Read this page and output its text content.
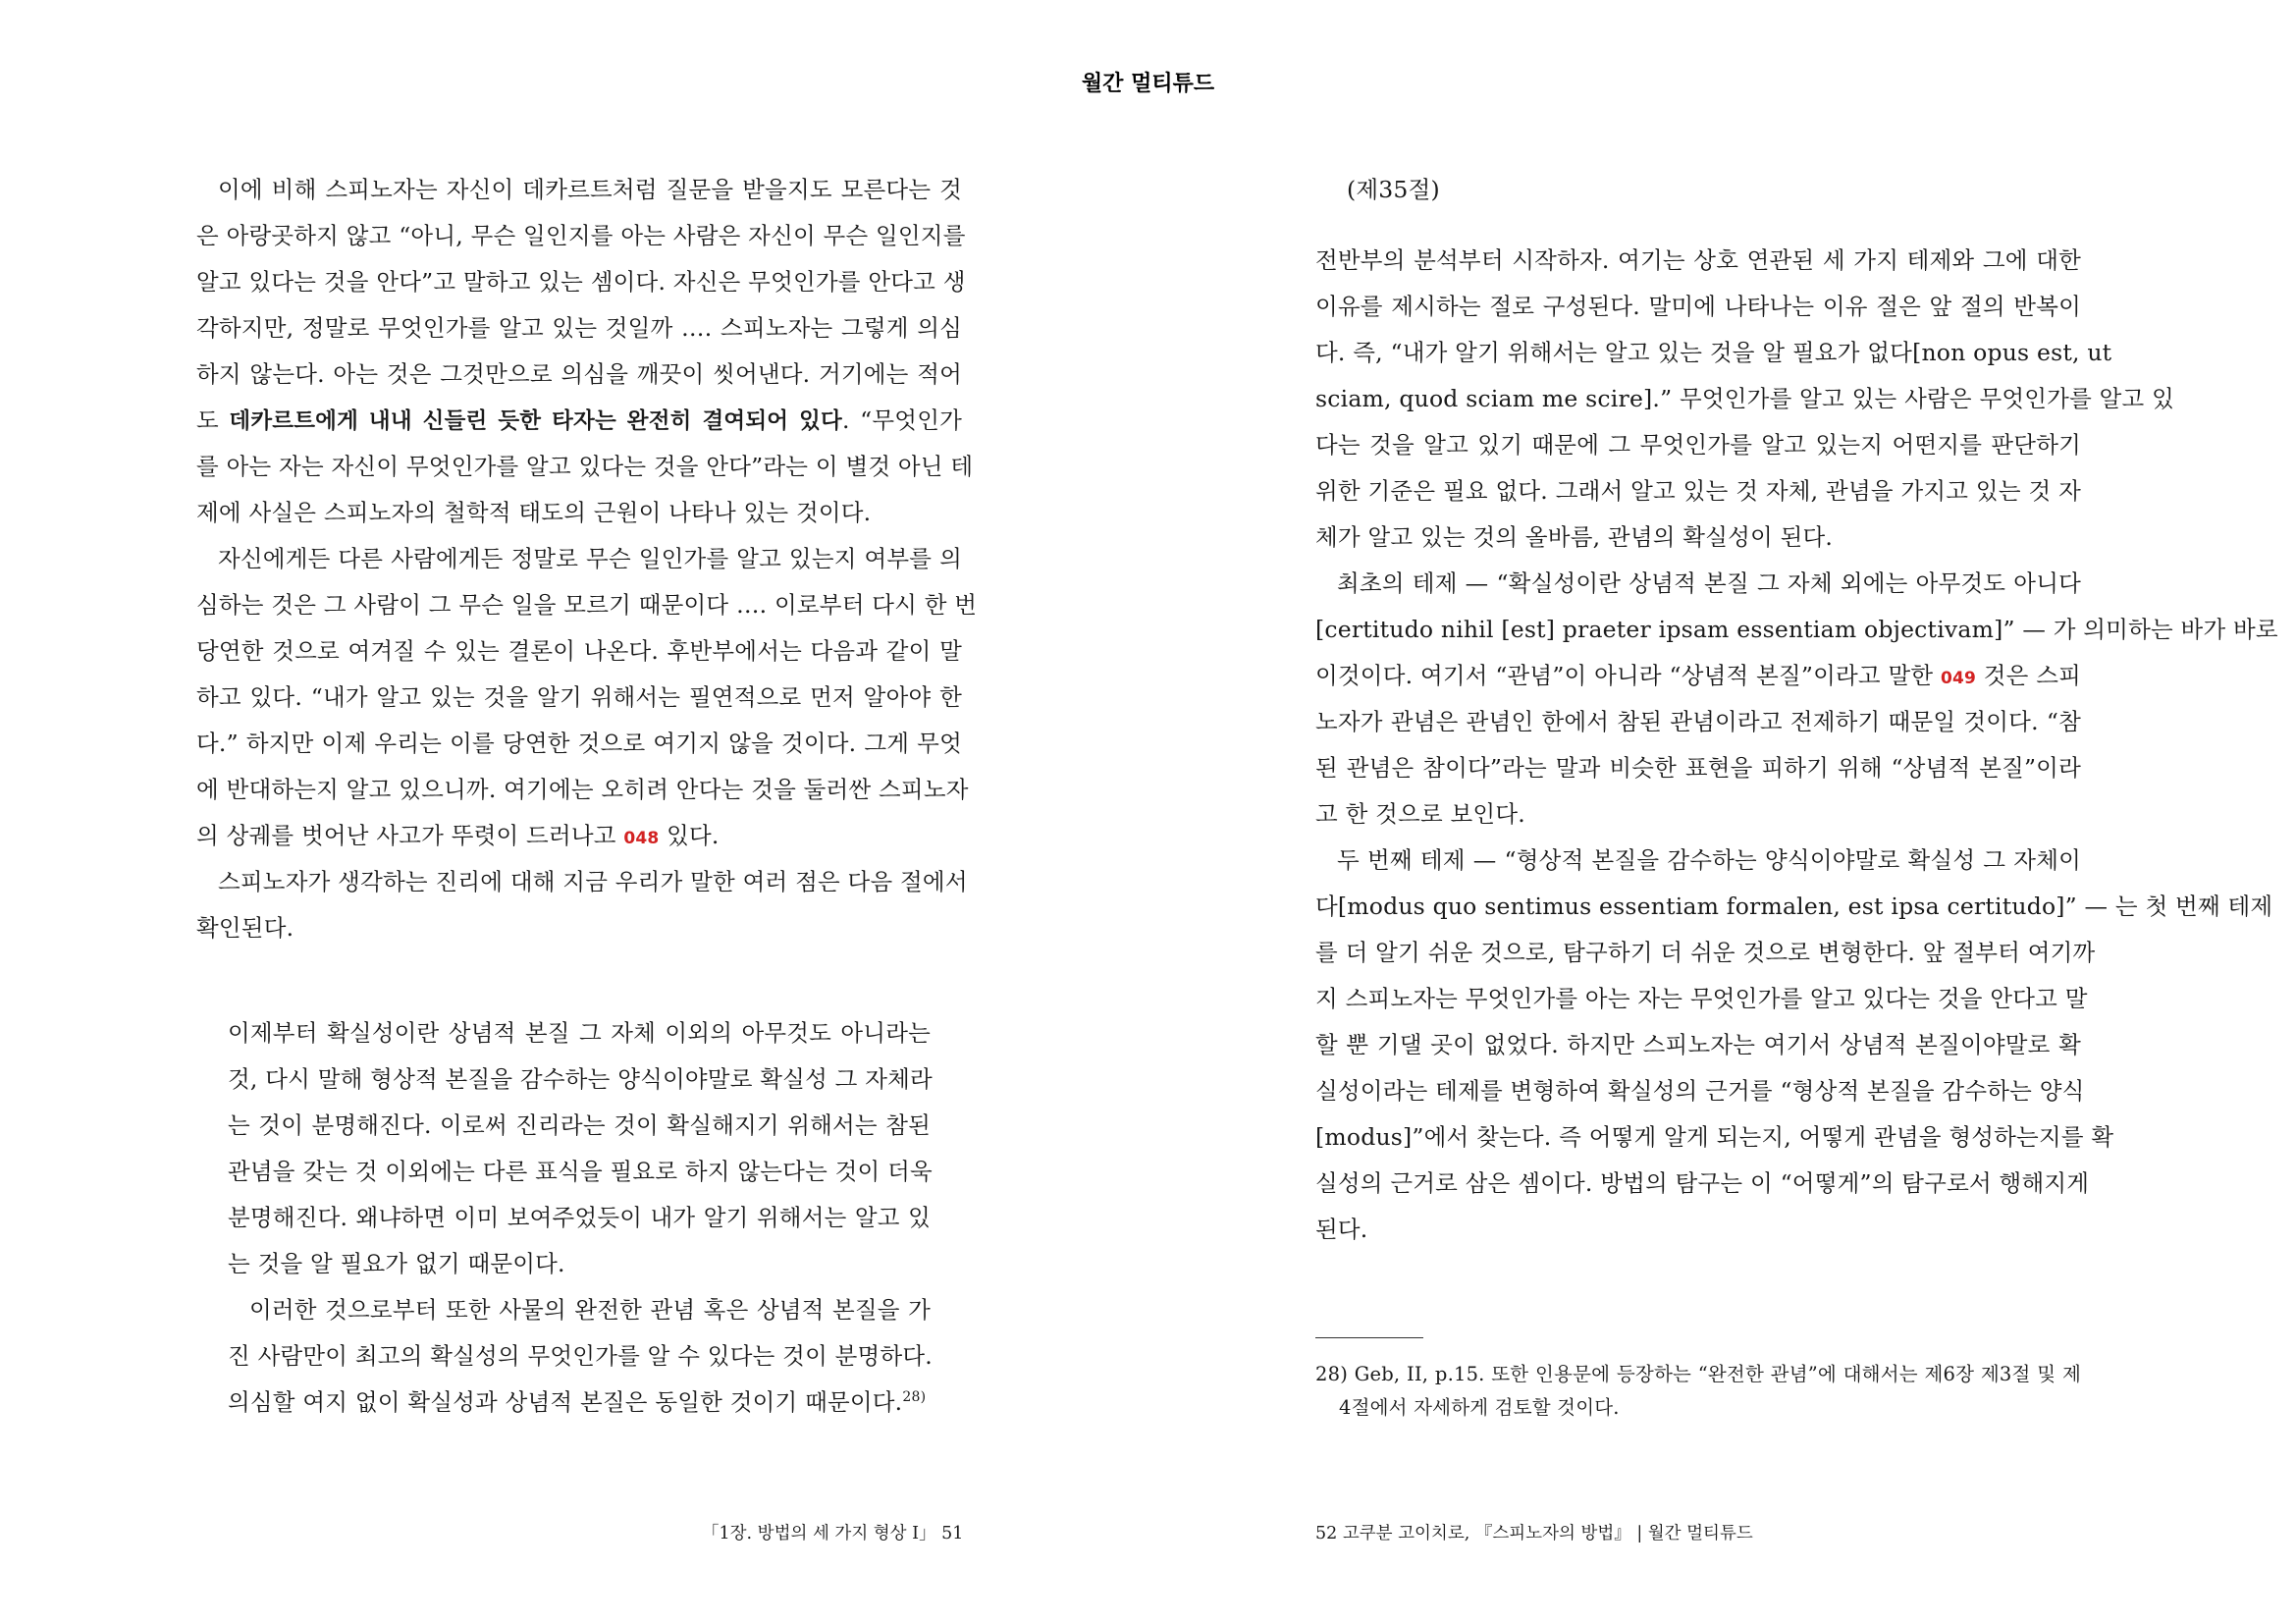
월간 멀티튜드
이에 비해 스피노자는 자신이 데카르트처럼 질문을 받을지도 모른다는 것
은 아랑곳하지 않고 “아니, 무슨 일인지를 아는 사람은 자신이 무슨 일인지를
알고 있다는 것을 안다”고 말하고 있는 셈이다. 자신은 무엇인가를 안다고 생
각하지만, 정말로 무엇인가를 알고 있는 것일까 …. 스피노자는 그렇게 의심
하지 않는다. 아는 것은 그것만으로 의심을 깨끗이 씻어낸다. 거기에는 적어
도 데카르트에게 내내 신들린 듯한 타자는 완전히 결여되어 있다. “무엇인가
를 아는 자는 자신이 무엇인가를 알고 있다는 것을 안다”라는 이 별것 아닌 테
제에 사실은 스피노자의 철학적 태도의 근원이 나타나 있는 것이다.
자신에게든 다른 사람에게든 정말로 무슨 일인가를 알고 있는지 여부를 의
심하는 것은 그 사람이 그 무슨 일을 모르기 때문이다 …. 이로부터 다시 한 번
당연한 것으로 여겨질 수 있는 결론이 나온다. 후반부에서는 다음과 같이 말
하고 있다. “내가 알고 있는 것을 알기 위해서는 필연적으로 먼저 알아야 한
다.” 하지만 이제 우리는 이를 당연한 것으로 여기지 않을 것이다. 그게 무엇
에 반대하는지 알고 있으니까. 여기에는 오히려 안다는 것을 둘러싼 스피노자
의 상궤를 벗어난 사고가 뚜렷이 드러나고 048 있다.
스피노자가 생각하는 진리에 대해 지금 우리가 말한 여러 점은 다음 절에서
확인된다.
이제부터 확실성이란 상념적 본질 그 자체 이외의 아무것도 아니라는
것, 다시 말해 형상적 본질을 감수하는 양식이야말로 확실성 그 자체라
는 것이 분명해진다. 이로써 진리라는 것이 확실해지기 위해서는 참된
관념을 갖는 것 이외에는 다른 표식을 필요로 하지 않는다는 것이 더욱
분명해진다. 왜냐하면 이미 보여주었듯이 내가 알기 위해서는 알고 있
는 것을 알 필요가 없기 때문이다.
이러한 것으로부터 또한 사물의 완전한 관념 혹은 상념적 본질을 가
진 사람만이 최고의 확실성의 무엇인가를 알 수 있다는 것이 분명하다.
의심할 여지 없이 확실성과 상념적 본질은 동일한 것이기 때문이다.$^{28)}$
「1장. 방법의 세 가지 형상 I」 51
(제35절)
전반부의 분석부터 시작하자. 여기는 상호 연관된 세 가지 테제와 그에 대한
이유를 제시하는 절로 구성된다. 말미에 나타나는 이유 절은 앞 절의 반복이
다. 즉, “내가 알기 위해서는 알고 있는 것을 알 필요가 없다[non opus est, ut
sciam, quod sciam me scire].” 무엇인가를 알고 있는 사람은 무엇인가를 알고 있
다는 것을 알고 있기 때문에 그 무엇인가를 알고 있는지 어떤지를 판단하기
위한 기준은 필요 없다. 그래서 알고 있는 것 자체, 관념을 가지고 있는 것 자
체가 알고 있는 것의 올바름, 관념의 확실성이 된다.
최초의 테제 — “확실성이란 상념적 본질 그 자체 외에는 아무것도 아니다
[certitudo nihil [est] praeter ipsam essentiam objectivam]” — 가 의미하는 바가 바로
이것이다. 여기서 “관념”이 아니라 “상념적 본질”이라고 말한 049 것은 스피
노자가 관념은 관념인 한에서 참된 관념이라고 전제하기 때문일 것이다. “참
된 관념은 참이다”라는 말과 비슷한 표현을 피하기 위해 “상념적 본질”이라
고 한 것으로 보인다.
두 번째 테제 — “형상적 본질을 감수하는 양식이야말로 확실성 그 자체이
다[modus quo sentimus essentiam formalen, est ipsa certitudo]” — 는 첫 번째 테제
를 더 알기 쉬운 것으로, 탐구하기 더 쉬운 것으로 변형한다. 앞 절부터 여기까
지 스피노자는 무엇인가를 아는 자는 무엇인가를 알고 있다는 것을 안다고 말
할 뿐 기댈 곳이 없었다. 하지만 스피노자는 여기서 상념적 본질이야말로 확
실성이라는 테제를 변형하여 확실성의 근거를 “형상적 본질을 감수하는 양식
[modus]”에서 찾는다. 즉 어떻게 알게 되는지, 어떻게 관념을 형성하는지를 확
실성의 근거로 삼은 셈이다. 방법의 탐구는 이 “어떻게”의 탐구로서 행해지게
된다.
28) Geb, II, p.15. 또한 인용문에 등장하는 “완전한 관념”에 대해서는 제6장 제3절 및 제
4절에서 자세하게 검토할 것이다.
52 고쿠분 고이치로, 『스피노자의 방법』 | 월간 멀티튜드
